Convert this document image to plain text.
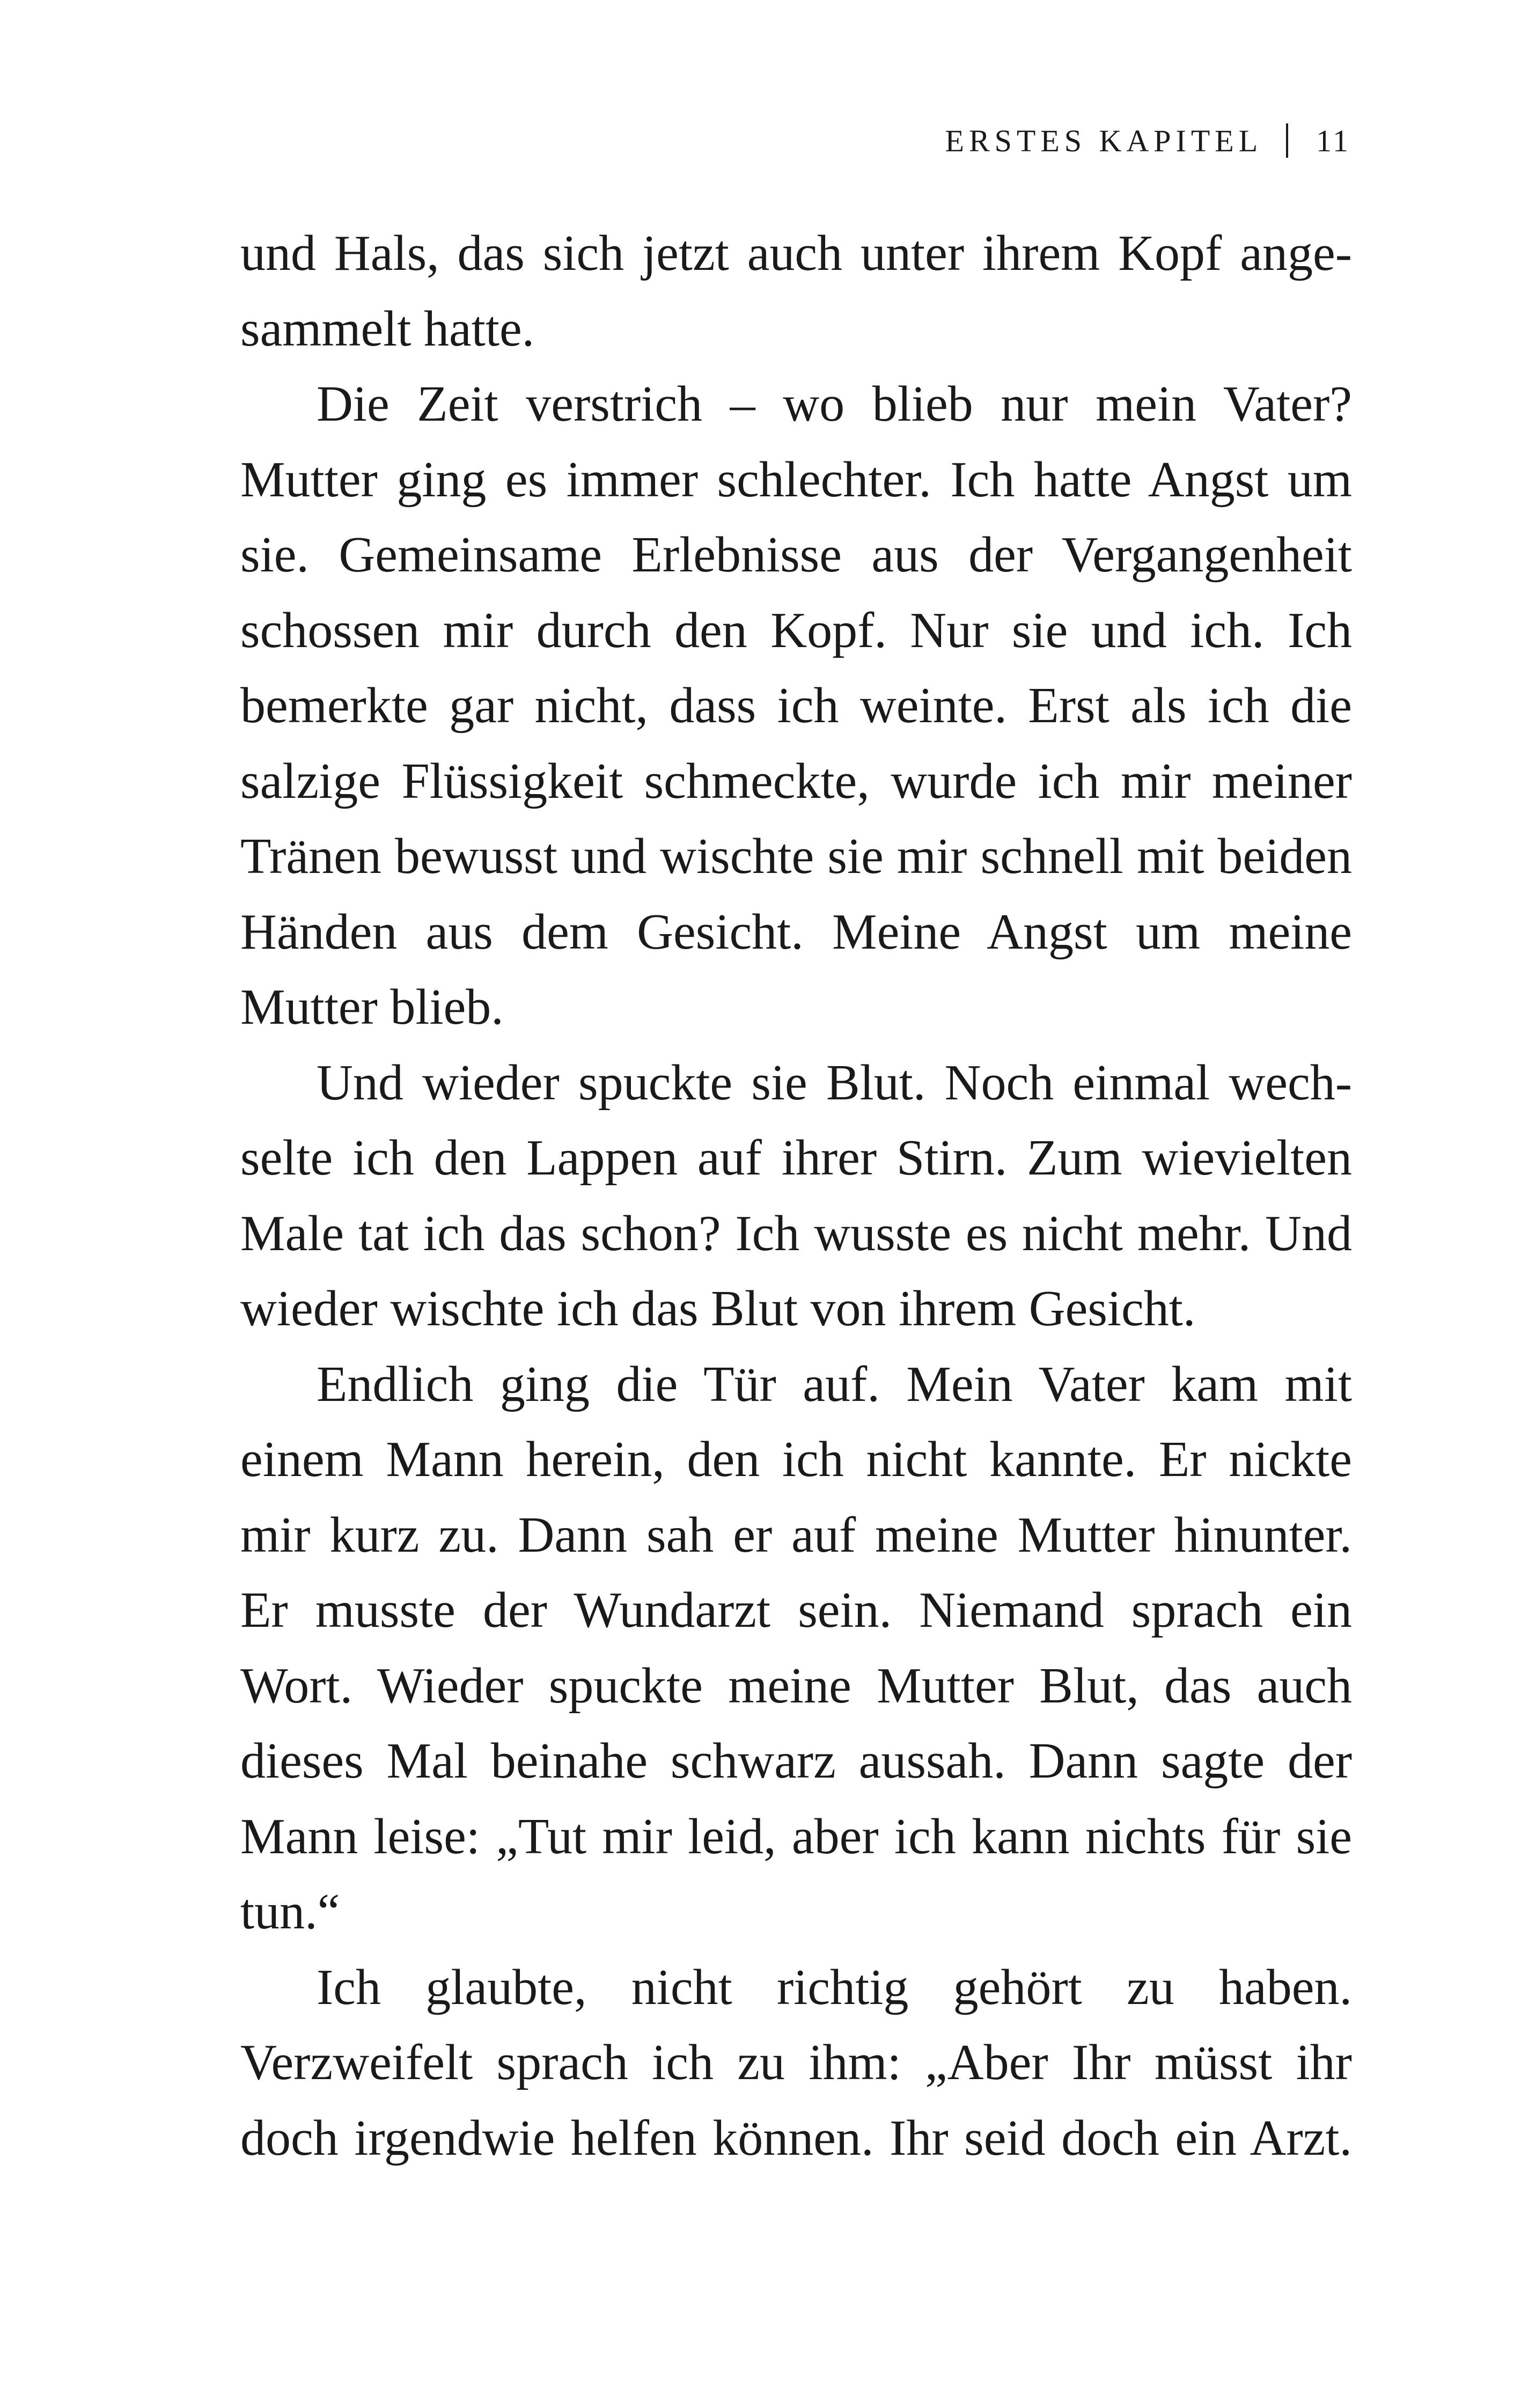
ERSTES KAPITEL 11

und Hals, das sich jetzt auch unter ihrem Kopf angesammelt hatte.

Die Zeit verstrich – wo blieb nur mein Vater? Mutter ging es immer schlechter. Ich hatte Angst um sie. Gemeinsame Erlebnisse aus der Vergangenheit schossen mir durch den Kopf. Nur sie und ich. Ich bemerkte gar nicht, dass ich weinte. Erst als ich die salzige Flüssigkeit schmeckte, wurde ich mir meiner Tränen bewusst und wischte sie mir schnell mit beiden Händen aus dem Gesicht. Meine Angst um meine Mutter blieb.

Und wieder spuckte sie Blut. Noch einmal wechselte ich den Lappen auf ihrer Stirn. Zum wievielten Male tat ich das schon? Ich wusste es nicht mehr. Und wieder wischte ich das Blut von ihrem Gesicht.

Endlich ging die Tür auf. Mein Vater kam mit einem Mann herein, den ich nicht kannte. Er nickte mir kurz zu. Dann sah er auf meine Mutter hinunter. Er musste der Wundarzt sein. Niemand sprach ein Wort. Wieder spuckte meine Mutter Blut, das auch dieses Mal beinahe schwarz aussah. Dann sagte der Mann leise: „Tut mir leid, aber ich kann nichts für sie tun.“

Ich glaubte, nicht richtig gehört zu haben. Verzweifelt sprach ich zu ihm: „Aber Ihr müsst ihr doch irgendwie helfen können. Ihr seid doch ein Arzt.
